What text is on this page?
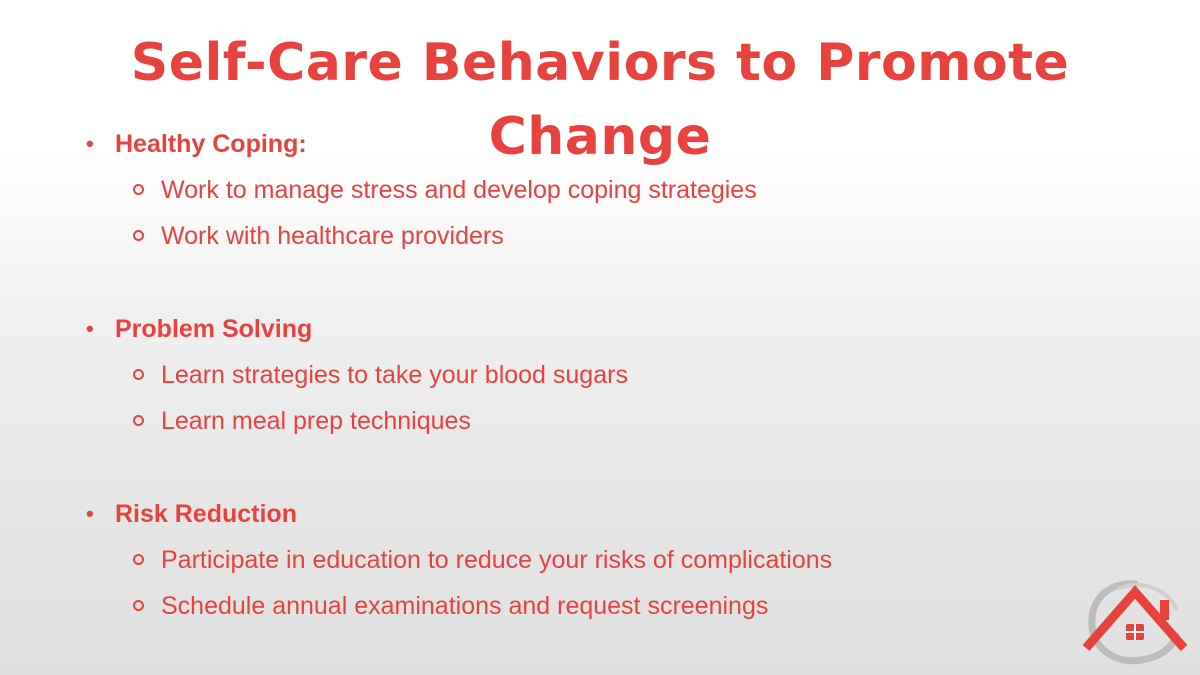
Self-Care Behaviors to Promote
Change
• Healthy Coping:
Work to manage stress and develop coping strategies
Work with healthcare providers
• Problem Solving
Learn strategies to take your blood sugars
Learn meal prep techniques
• Risk Reduction
Participate in education to reduce your risks of complications
Schedule annual examinations and request screenings
